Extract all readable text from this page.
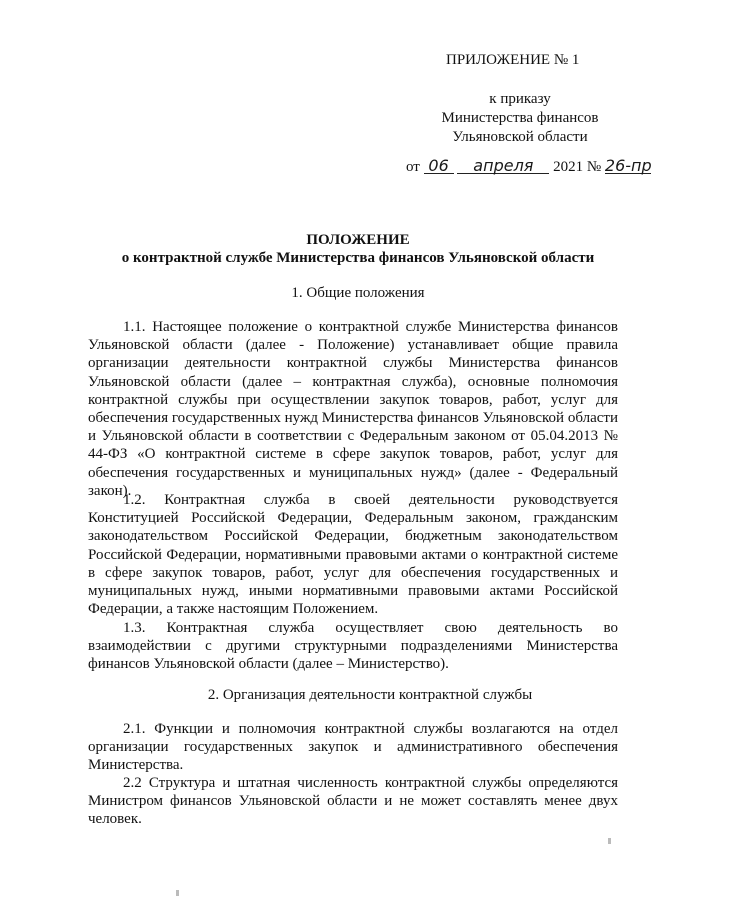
ПРИЛОЖЕНИЕ № 1
к приказу
Министерства финансов
Ульяновской области
от 06 апреля 2021 № 26-пр
ПОЛОЖЕНИЕ
о контрактной службе Министерства финансов Ульяновской области
1. Общие положения
1.1. Настоящее положение о контрактной службе Министерства финансов Ульяновской области (далее - Положение) устанавливает общие правила организации деятельности контрактной службы Министерства финансов Ульяновской области (далее – контрактная служба), основные полномочия контрактной службы при осуществлении закупок товаров, работ, услуг для обеспечения государственных нужд Министерства финансов Ульяновской области и Ульяновской области в соответствии с Федеральным законом от 05.04.2013 № 44-ФЗ «О контрактной системе в сфере закупок товаров, работ, услуг для обеспечения государственных и муниципальных нужд» (далее - Федеральный закон).
1.2. Контрактная служба в своей деятельности руководствуется Конституцией Российской Федерации, Федеральным законом, гражданским законодательством Российской Федерации, бюджетным законодательством Российской Федерации, нормативными правовыми актами о контрактной системе в сфере закупок товаров, работ, услуг для обеспечения государственных и муниципальных нужд, иными нормативными правовыми актами Российской Федерации, а также настоящим Положением.
1.3. Контрактная служба осуществляет свою деятельность во взаимодействии с другими структурными подразделениями Министерства финансов Ульяновской области (далее – Министерство).
2. Организация деятельности контрактной службы
2.1. Функции и полномочия контрактной службы возлагаются на отдел организации государственных закупок и административного обеспечения Министерства.
2.2 Структура и штатная численность контрактной службы определяются Министром финансов Ульяновской области и не может составлять менее двух человек.
